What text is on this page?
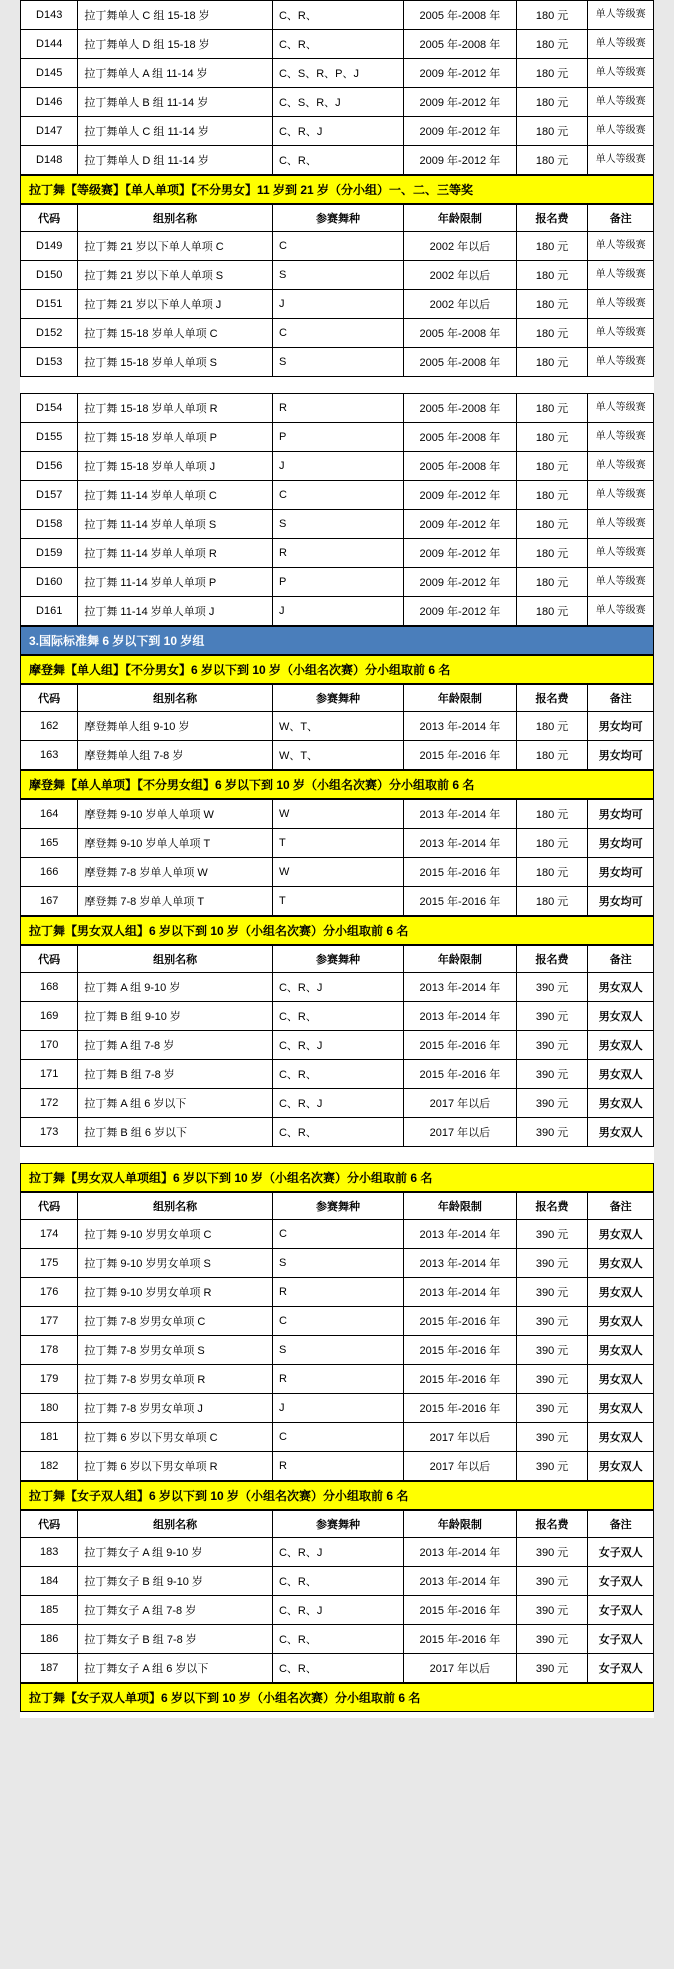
D143	拉丁舞单人 C 组 15-18 岁	C、R、	2005 年-2008 年	180 元	单人等级赛
D144	拉丁舞单人 D 组 15-18 岁	C、R、	2005 年-2008 年	180 元	单人等级赛
D145	拉丁舞单人 A 组 11-14 岁	C、S、R、P、J	2009 年-2012 年	180 元	单人等级赛
D146	拉丁舞单人 B 组 11-14 岁	C、S、R、J	2009 年-2012 年	180 元	单人等级赛
D147	拉丁舞单人 C 组 11-14 岁	C、R、J	2009 年-2012 年	180 元	单人等级赛
D148	拉丁舞单人 D 组 11-14 岁	C、R、	2009 年-2012 年	180 元	单人等级赛
拉丁舞【等级赛】【单人单项】【不分男女】11 岁到 21 岁（分小组）一、二、三等奖
代码	组别名称	参赛舞种	年龄限制	报名费	备注
D149	拉丁舞 21 岁以下单人单项 C	C	2002 年以后	180 元	单人等级赛
D150	拉丁舞 21 岁以下单人单项 S	S	2002 年以后	180 元	单人等级赛
D151	拉丁舞 21 岁以下单人单项 J	J	2002 年以后	180 元	单人等级赛
D152	拉丁舞 15-18 岁单人单项 C	C	2005 年-2008 年	180 元	单人等级赛
D153	拉丁舞 15-18 岁单人单项 S	S	2005 年-2008 年	180 元	单人等级赛

D154	拉丁舞 15-18 岁单人单项 R	R	2005 年-2008 年	180 元	单人等级赛
D155	拉丁舞 15-18 岁单人单项 P	P	2005 年-2008 年	180 元	单人等级赛
D156	拉丁舞 15-18 岁单人单项 J	J	2005 年-2008 年	180 元	单人等级赛
D157	拉丁舞 11-14 岁单人单项 C	C	2009 年-2012 年	180 元	单人等级赛
D158	拉丁舞 11-14 岁单人单项 S	S	2009 年-2012 年	180 元	单人等级赛
D159	拉丁舞 11-14 岁单人单项 R	R	2009 年-2012 年	180 元	单人等级赛
D160	拉丁舞 11-14 岁单人单项 P	P	2009 年-2012 年	180 元	单人等级赛
D161	拉丁舞 11-14 岁单人单项 J	J	2009 年-2012 年	180 元	单人等级赛
3.国际标准舞 6 岁以下到 10 岁组
摩登舞【单人组】【不分男女】6 岁以下到 10 岁（小组名次赛）分小组取前 6 名
代码	组别名称	参赛舞种	年龄限制	报名费	备注
162	摩登舞单人组 9-10 岁	W、T、	2013 年-2014 年	180 元	男女均可
163	摩登舞单人组 7-8 岁	W、T、	2015 年-2016 年	180 元	男女均可
摩登舞【单人单项】【不分男女组】6 岁以下到 10 岁（小组名次赛）分小组取前 6 名
164	摩登舞 9-10 岁单人单项 W	W	2013 年-2014 年	180 元	男女均可
165	摩登舞 9-10 岁单人单项 T	T	2013 年-2014 年	180 元	男女均可
166	摩登舞 7-8 岁单人单项 W	W	2015 年-2016 年	180 元	男女均可
167	摩登舞 7-8 岁单人单项 T	T	2015 年-2016 年	180 元	男女均可
拉丁舞【男女双人组】6 岁以下到 10 岁（小组名次赛）分小组取前 6 名
代码	组别名称	参赛舞种	年龄限制	报名费	备注
168	拉丁舞 A 组 9-10 岁	C、R、J	2013 年-2014 年	390 元	男女双人
169	拉丁舞 B 组 9-10 岁	C、R、	2013 年-2014 年	390 元	男女双人
170	拉丁舞 A 组 7-8 岁	C、R、J	2015 年-2016 年	390 元	男女双人
171	拉丁舞 B 组 7-8 岁	C、R、	2015 年-2016 年	390 元	男女双人
172	拉丁舞 A 组 6 岁以下	C、R、J	2017 年以后	390 元	男女双人
173	拉丁舞 B 组 6 岁以下	C、R、	2017 年以后	390 元	男女双人

拉丁舞【男女双人单项组】6 岁以下到 10 岁（小组名次赛）分小组取前 6 名
代码	组别名称	参赛舞种	年龄限制	报名费	备注
174	拉丁舞 9-10 岁男女单项 C	C	2013 年-2014 年	390 元	男女双人
175	拉丁舞 9-10 岁男女单项 S	S	2013 年-2014 年	390 元	男女双人
176	拉丁舞 9-10 岁男女单项 R	R	2013 年-2014 年	390 元	男女双人
177	拉丁舞 7-8 岁男女单项 C	C	2015 年-2016 年	390 元	男女双人
178	拉丁舞 7-8 岁男女单项 S	S	2015 年-2016 年	390 元	男女双人
179	拉丁舞 7-8 岁男女单项 R	R	2015 年-2016 年	390 元	男女双人
180	拉丁舞 7-8 岁男女单项 J	J	2015 年-2016 年	390 元	男女双人
181	拉丁舞 6 岁以下男女单项 C	C	2017 年以后	390 元	男女双人
182	拉丁舞 6 岁以下男女单项 R	R	2017 年以后	390 元	男女双人
拉丁舞【女子双人组】6 岁以下到 10 岁（小组名次赛）分小组取前 6 名
代码	组别名称	参赛舞种	年龄限制	报名费	备注
183	拉丁舞女子 A 组 9-10 岁	C、R、J	2013 年-2014 年	390 元	女子双人
184	拉丁舞女子 B 组 9-10 岁	C、R、	2013 年-2014 年	390 元	女子双人
185	拉丁舞女子 A 组 7-8 岁	C、R、J	2015 年-2016 年	390 元	女子双人
186	拉丁舞女子 B 组 7-8 岁	C、R、	2015 年-2016 年	390 元	女子双人
187	拉丁舞女子 A 组 6 岁以下	C、R、	2017 年以后	390 元	女子双人
拉丁舞【女子双人单项】6 岁以下到 10 岁（小组名次赛）分小组取前 6 名
